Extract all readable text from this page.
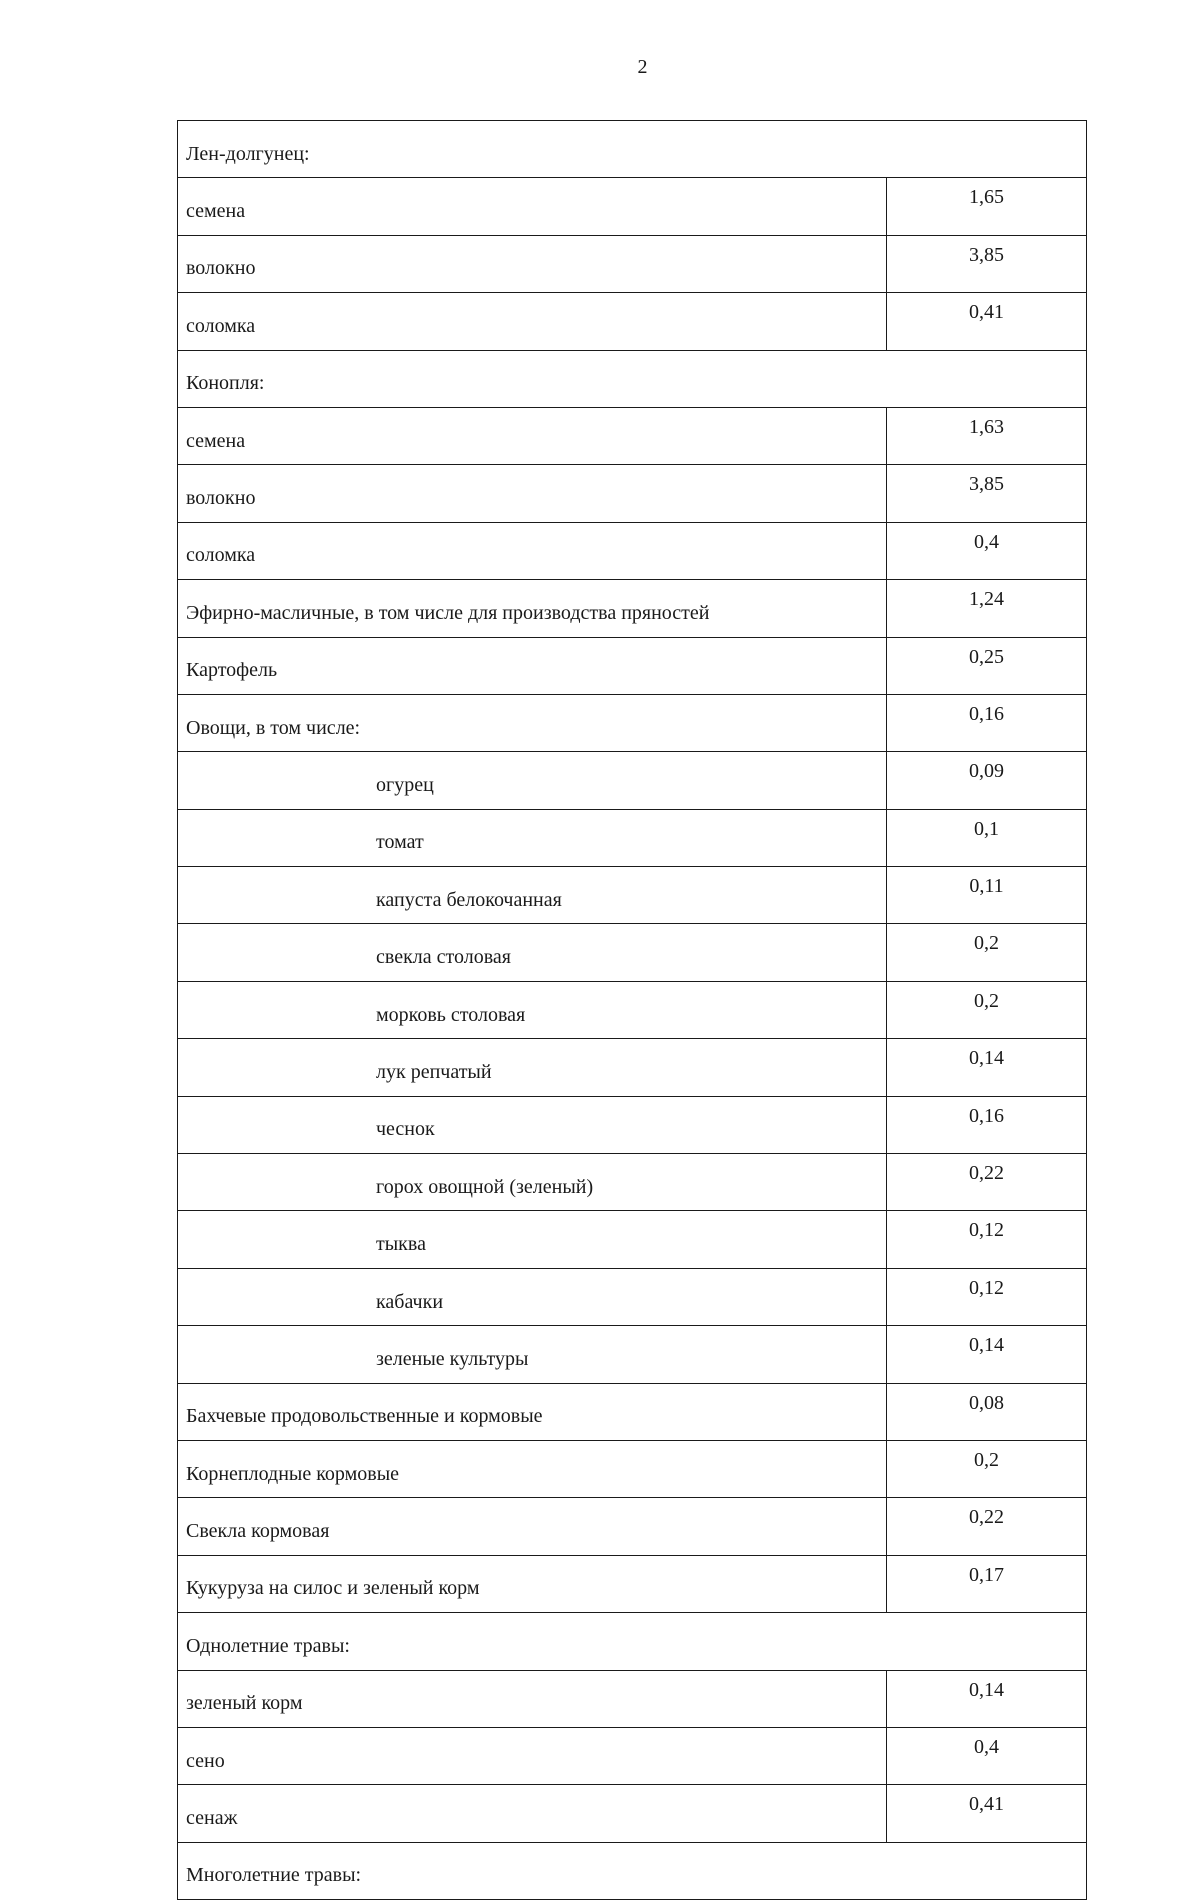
2
Лен-долгунец:	
семена	1,65
волокно	3,85
соломка	0,41
Конопля:	
семена	1,63
волокно	3,85
соломка	0,4
Эфирно-масличные, в том числе для производства пряностей	1,24
Картофель	0,25
Овощи, в том числе:	0,16
огурец	0,09
томат	0,1
капуста белокочанная	0,11
свекла столовая	0,2
морковь столовая	0,2
лук репчатый	0,14
чеснок	0,16
горох овощной (зеленый)	0,22
тыква	0,12
кабачки	0,12
зеленые культуры	0,14
Бахчевые продовольственные и кормовые	0,08
Корнеплодные кормовые	0,2
Свекла кормовая	0,22
Кукуруза на силос и зеленый корм	0,17
Однолетние травы:	
зеленый корм	0,14
сено	0,4
сенаж	0,41
Многолетние травы:	
